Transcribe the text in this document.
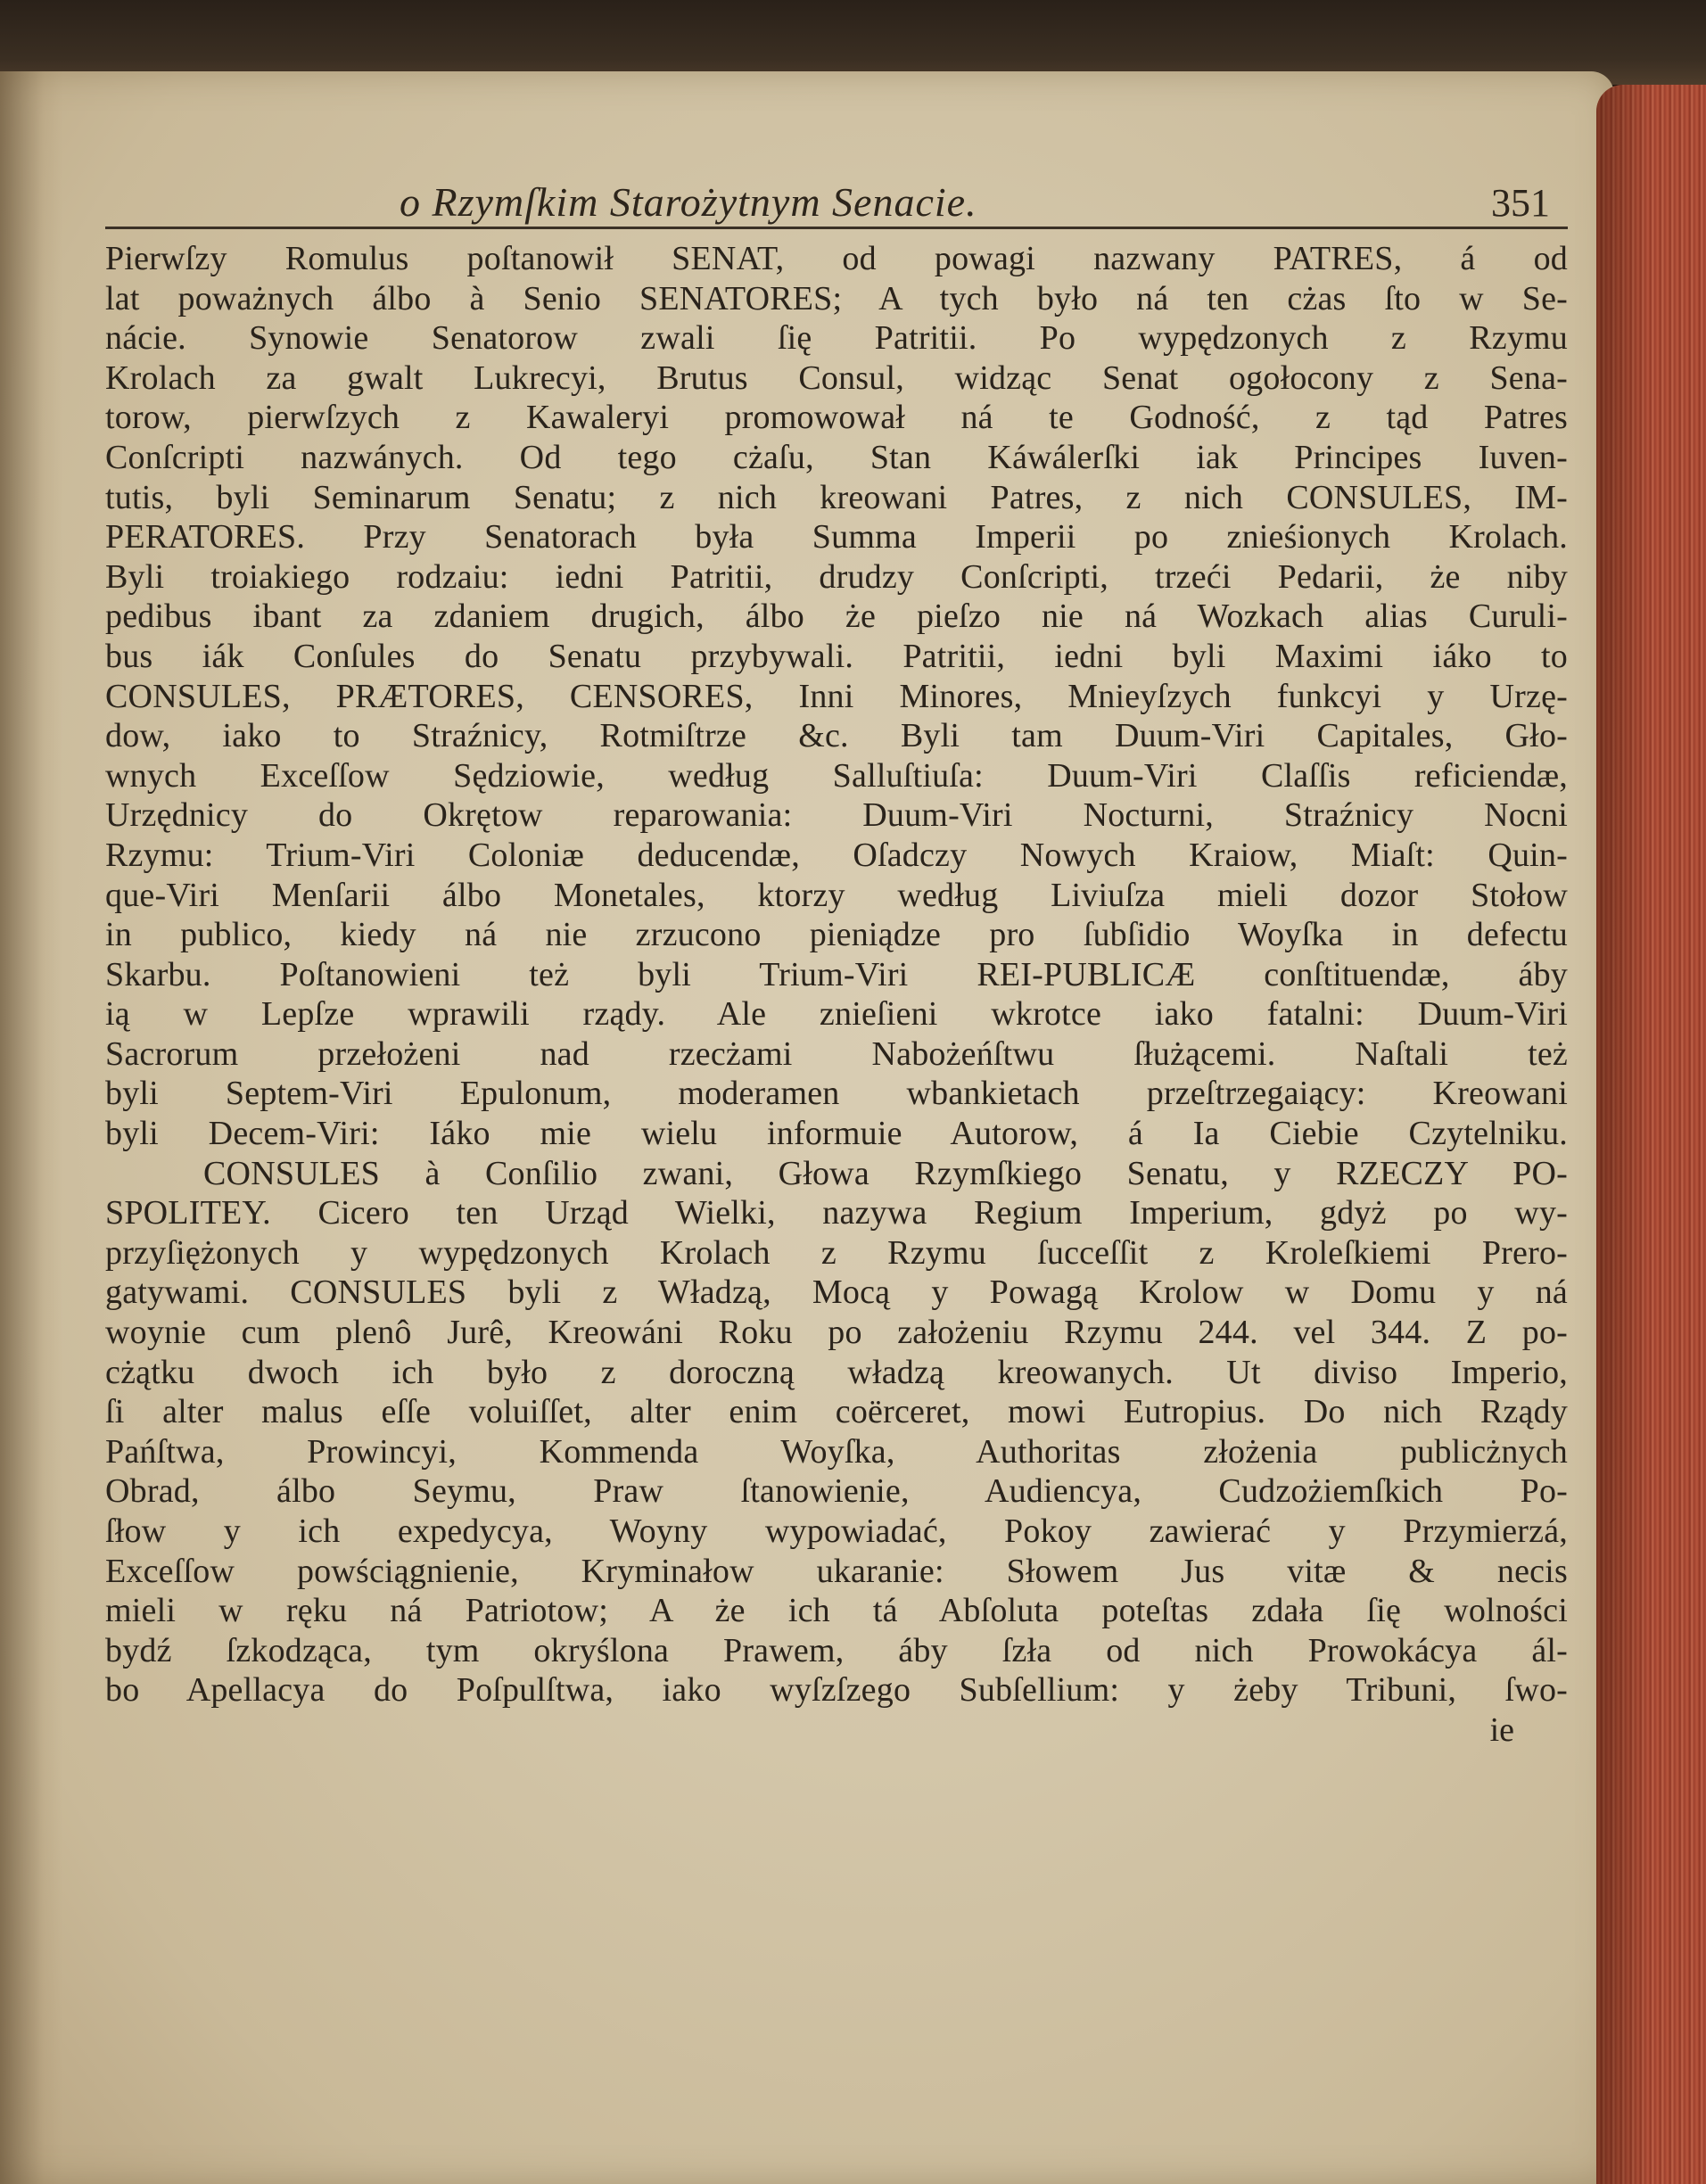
o Rzymſkim Starożytnym Senacie.	351
Pierwſzy Romulus poſtanowił SENAT, od powagi nazwany PATRES, á od
lat poważnych álbo à Senio SENATORES; A tych było ná ten cżas ſto w Se-
nácie. Synowie Senatorow zwali ſię Patritii. Po wypędzonych z Rzymu
Krolach za gwalt Lukrecyi, Brutus Consul, widząc Senat ogołocony z Sena-
torow, pierwſzych z Kawaleryi promowował ná te Godność, z tąd Patres
Conſcripti nazwánych. Od tego cżaſu, Stan Káwálerſki iak Principes Iuven-
tutis, byli Seminarum Senatu; z nich kreowani Patres, z nich CONSULES, IM-
PERATORES. Przy Senatorach była Summa Imperii po znieśionych Krolach.
Byli troiakiego rodzaiu: iedni Patritii, drudzy Conſcripti, trzeći Pedarii, że niby
pedibus ibant za zdaniem drugich, álbo że pieſzo nie ná Wozkach alias Curuli-
bus iák Conſules do Senatu przybywali. Patritii, iedni byli Maximi iáko to
CONSULES, PRÆTORES, CENSORES, Inni Minores, Mnieyſzych funkcyi y Urzę-
dow, iako to Straźnicy, Rotmiſtrze &c. Byli tam Duum-Viri Capitales, Gło-
wnych Exceſſow Sędziowie, według Salluſtiuſa: Duum-Viri Claſſis reficiendæ,
Urzędnicy do Okrętow reparowania: Duum-Viri Nocturni, Straźnicy Nocni
Rzymu: Trium-Viri Coloniæ deducendæ, Oſadczy Nowych Kraiow, Miaſt: Quin-
que-Viri Menſarii álbo Monetales, ktorzy według Liviuſza mieli dozor Stołow
in publico, kiedy ná nie zrzucono pieniądze pro ſubſidio Woyſka in defectu
Skarbu. Poſtanowieni też byli Trium-Viri REI-PUBLICÆ conſtituendæ, áby
ią w Lepſze wprawili rządy. Ale znieſieni wkrotce iako fatalni: Duum-Viri
Sacrorum przełożeni nad rzecżami Nabożeńſtwu ſłużącemi. Naſtali też
byli Septem-Viri Epulonum, moderamen wbankietach przeſtrzegaiący: Kreowani
byli Decem-Viri: Iáko mie wielu informuie Autorow, á Ia Ciebie Czytelniku.
CONSULES à Conſilio zwani, Głowa Rzymſkiego Senatu, y RZECZY PO-
SPOLITEY. Cicero ten Urząd Wielki, nazywa Regium Imperium, gdyż po wy-
przyſiężonych y wypędzonych Krolach z Rzymu ſucceſſit z Kroleſkiemi Prero-
gatywami. CONSULES byli z Władzą, Mocą y Powagą Krolow w Domu y ná
woynie cum plenô Jurê, Kreowáni Roku po założeniu Rzymu 244. vel 344. Z po-
cżątku dwoch ich było z doroczną władzą kreowanych. Ut diviso Imperio,
ſi alter malus eſſe voluiſſet, alter enim coërceret, mowi Eutropius. Do nich Rządy
Pańſtwa, Prowincyi, Kommenda Woyſka, Authoritas złożenia publicżnych
Obrad, álbo Seymu, Praw ſtanowienie, Audiencya, Cudzożiemſkich Po-
ſłow y ich expedycya, Woyny wypowiadać, Pokoy zawierać y Przymierzá,
Exceſſow powściągnienie, Kryminałow ukaranie: Słowem Jus vitæ & necis
mieli w ręku ná Patriotow; A że ich tá Abſoluta poteſtas zdała ſię wolności
bydź ſzkodząca, tym okryślona Prawem, áby ſzła od nich Prowokácya ál-
bo Apellacya do Poſpulſtwa, iako wyſzſzego Subſellium: y żeby Tribuni, ſwo-
ie
